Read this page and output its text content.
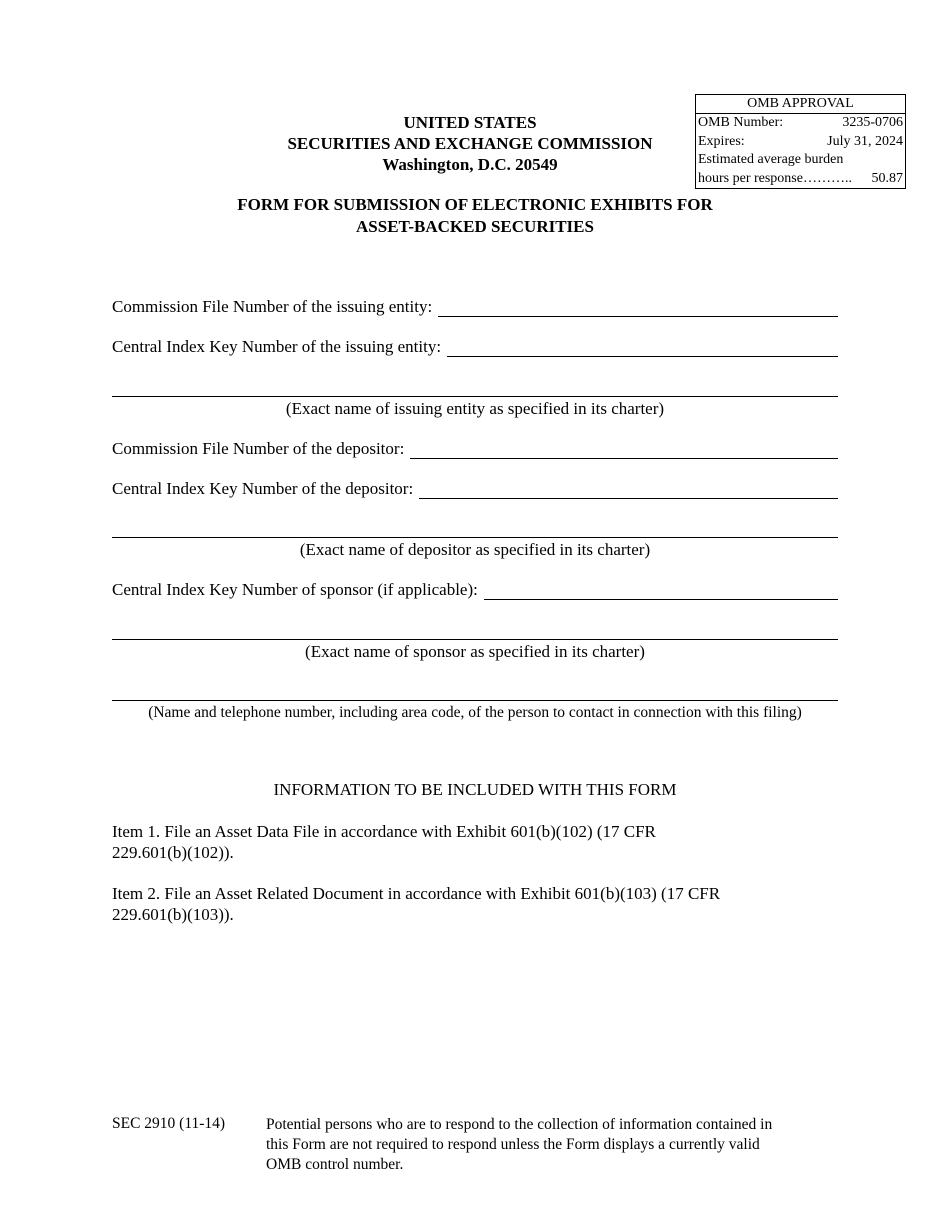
OMB APPROVAL
OMB Number:	3235-0706
Expires:	July 31, 2024
Estimated average burden
hours per response……….. 50.87
UNITED STATES
SECURITIES AND EXCHANGE COMMISSION
Washington, D.C. 20549
FORM FOR SUBMISSION OF ELECTRONIC EXHIBITS FOR
ASSET-BACKED SECURITIES
Commission File Number of the issuing entity:
Central Index Key Number of the issuing entity:
(Exact name of issuing entity as specified in its charter)
Commission File Number of the depositor:
Central Index Key Number of the depositor:
(Exact name of depositor as specified in its charter)
Central Index Key Number of sponsor (if applicable):
(Exact name of sponsor as specified in its charter)
(Name and telephone number, including area code, of the person to contact in connection with this filing)
INFORMATION TO BE INCLUDED WITH THIS FORM
Item 1. File an Asset Data File in accordance with Exhibit 601(b)(102) (17 CFR
229.601(b)(102)).
Item 2. File an Asset Related Document in accordance with Exhibit 601(b)(103) (17 CFR
229.601(b)(103)).
SEC 2910 (11-14)	Potential persons who are to respond to the collection of information contained in
this Form are not required to respond unless the Form displays a currently valid
OMB control number.
